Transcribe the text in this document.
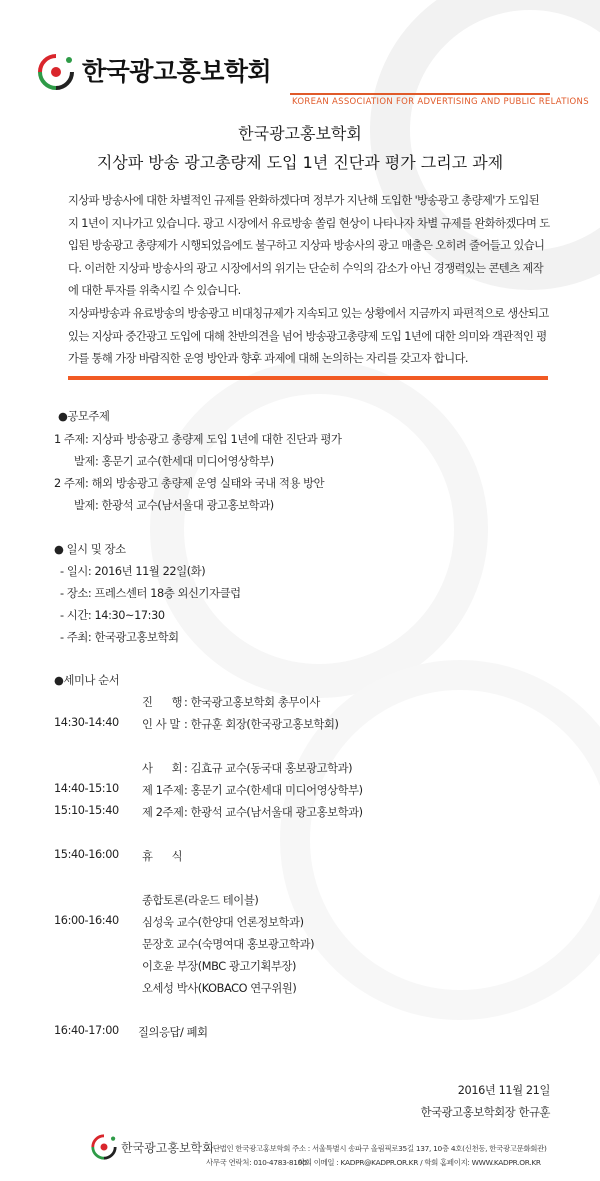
한국광고홍보학회
KOREAN ASSOCIATION FOR ADVERTISING AND PUBLIC RELATIONS
한국광고홍보학회
지상파 방송 광고총량제 도입 1년 진단과 평가 그리고 과제

지상파 방송사에 대한 차별적인 규제를 완화하겠다며 정부가 지난해 도입한 '방송광고 총량제'가 도입된 지 1년이 지나가고 있습니다. 광고 시장에서 유료방송 쏠림 현상이 나타나자 차별 규제를 완화하겠다며 도입된 방송광고 총량제가 시행되었음에도 불구하고 지상파 방송사의 광고 매출은 오히려 줄어들고 있습니다. 이러한 지상파 방송사의 광고 시장에서의 위기는 단순히 수익의 감소가 아닌 경쟁력있는 콘텐츠 제작에 대한 투자를 위축시킬 수 있습니다.

지상파방송과 유료방송의 방송광고 비대칭규제가 지속되고 있는 상황에서 지금까지 파편적으로 생산되고 있는 지상파 중간광고 도입에 대해 찬반의견을 넘어 방송광고총량제 도입 1년에 대한 의미와 객관적인 평가를 통해 가장 바람직한 운영 방안과 향후 과제에 대해 논의하는 자리를 갖고자 합니다.

●공모주제
1 주제: 지상파 방송광고 총량제 도입 1년에 대한 진단과 평가
발제: 홍문기 교수(한세대 미디어영상학부)
2 주제: 해외 방송광고 총량제 운영 실태와 국내 적용 방안
발제: 한광석 교수(남서울대 광고홍보학과)
● 일시 및 장소
- 일시: 2016년 11월 22일(화)
- 장소: 프레스센터 18층 외신기자클럽
- 시간: 14:30~17:30
- 주최: 한국광고홍보학회
●세미나 순서
진      행 : 한국광고홍보학회 총무이사
14:30-14:40 인 사 말 : 한규훈 회장(한국광고홍보학회)
사      회 : 김효규 교수(동국대 홍보광고학과)
14:40-15:10 제 1주제 : 홍문기 교수(한세대 미디어영상학부)
15:10-15:40 제 2주제 : 한광석 교수(남서울대 광고홍보학과)
15:40-16:00 휴      식
종합토론(라운드 테이블)
16:00-16:40 심성욱 교수(한양대 언론정보학과)
문장호 교수(숙명여대 홍보광고학과)
이호윤 부장(MBC 광고기획부장)
오세성 박사(KOBACO 연구위원)
16:40-17:00 질의응답/ 폐회
2016년 11월 21일
한국광고홍보학회장 한규훈
한국광고홍보학회
사단법인 한국광고홍보학회 주소 : 서울특별시 송파구 올림픽로35길 137, 10층 4호(신천동, 한국광고문화회관)
사무국 연락처: 010-4783-8100
학회 이메일 : KADPR@KADPR.OR.KR / 학회 홈페이지: WWW.KADPR.OR.KR
